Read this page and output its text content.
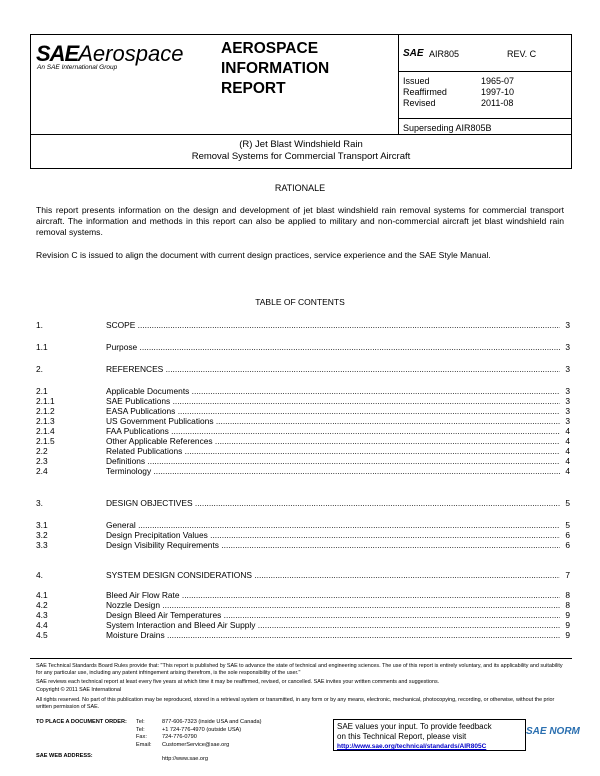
SAEAerospace
An SAE International Group
AEROSPACE
INFORMATION
REPORT
SAE AIR805	REV. C
Issued	1965-07
Reaffirmed	1997-10
Revised	2011-08
Superseding AIR805B
(R) Jet Blast Windshield Rain
Removal Systems for Commercial Transport Aircraft
RATIONALE
This report presents information on the design and development of jet blast windshield rain removal systems for commercial transport aircraft. The information and methods in this report can also be applied to military and non-commercial aircraft jet blast windshield rain removal systems.
Revision C is issued to align the document with current design practices, service experience and the SAE Style Manual.
TABLE OF CONTENTS
1.	SCOPE .....	3
1.1	Purpose .....	3
2.	REFERENCES .....	3
2.1	Applicable Documents .....	3
2.1.1	SAE Publications .....	3
2.1.2	EASA Publications .....	3
2.1.3	US Government Publications .....	3
2.1.4	FAA Publications .....	4
2.1.5	Other Applicable References .....	4
2.2	Related Publications .....	4
2.3	Definitions .....	4
2.4	Terminology .....	4
3.	DESIGN OBJECTIVES .....	5
3.1	General .....	5
3.2	Design Precipitation Values .....	6
3.3	Design Visibility Requirements .....	6
4.	SYSTEM DESIGN CONSIDERATIONS .....	7
4.1	Bleed Air Flow Rate .....	8
4.2	Nozzle Design .....	8
4.3	Design Bleed Air Temperatures .....	9
4.4	System Interaction and Bleed Air Supply .....	9
4.5	Moisture Drains .....	9
SAE Technical Standards Board Rules provide that: "This report is published by SAE to advance the state of technical and engineering sciences. The use of this report is entirely voluntary, and its applicability and suitability for any particular use, including any patent infringement arising therefrom, is the sole responsibility of the user."
SAE reviews each technical report at least every five years at which time it may be reaffirmed, revised, or cancelled. SAE invites your written comments and suggestions.
Copyright © 2011 SAE International
All rights reserved. No part of this publication may be reproduced, stored in a retrieval system or transmitted, in any form or by any means, electronic, mechanical, photocopying, recording, or otherwise, without the prior written permission of SAE.
TO PLACE A DOCUMENT ORDER:
SAE WEB ADDRESS:
Tel:	877-606-7323 (inside USA and Canada)
Tel:	+1 724-776-4970 (outside USA)
Fax:	724-776-0790
Email: CustomerService@sae.org
http://www.sae.org
SAE values your input. To provide feedback
on this Technical Report, please visit
http://www.sae.org/technical/standards/AIR805C
SAE NORM
